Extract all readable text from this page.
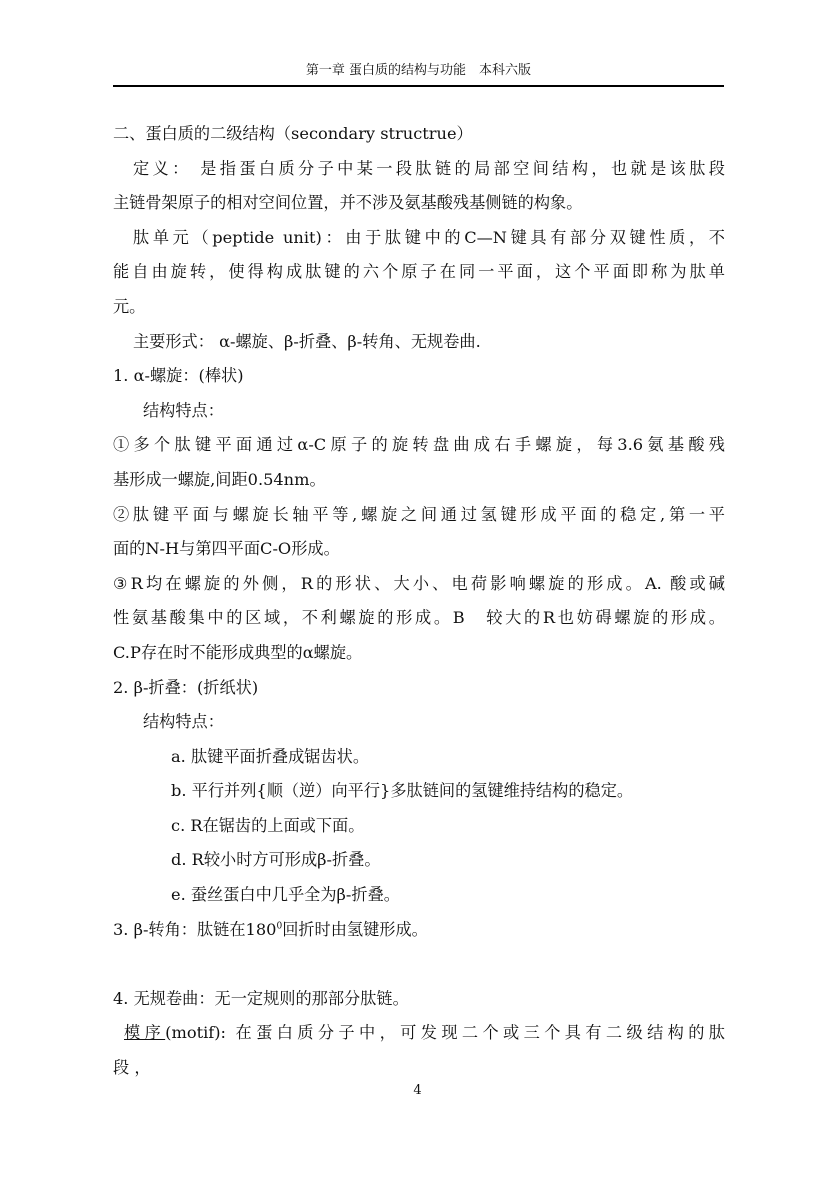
第一章 蛋白质的结构与功能　本科六版
二、蛋白质的二级结构（secondary structrue）
定义： 是指蛋白质分子中某一段肽链的局部空间结构，也就是该肽段
主链骨架原子的相对空间位置，并不涉及氨基酸残基侧链的构象。
肽单元（peptide unit)：由于肽键中的C—N键具有部分双键性质，不
能自由旋转，使得构成肽键的六个原子在同一平面，这个平面即称为肽单
元。
主要形式： α-螺旋、β-折叠、β-转角、无规卷曲.
1. α-螺旋：(棒状)
结构特点：
①多个肽键平面通过α-C原子的旋转盘曲成右手螺旋，每3.6氨基酸残
基形成一螺旋,间距0.54nm。
②肽键平面与螺旋长轴平等,螺旋之间通过氢键形成平面的稳定,第一平
面的N-H与第四平面C-O形成。
③R均在螺旋的外侧，R的形状、大小、电荷影响螺旋的形成。A. 酸或碱
性氨基酸集中的区域，不利螺旋的形成。B　较大的R也妨碍螺旋的形成。
C.P存在时不能形成典型的α螺旋。
2. β-折叠：(折纸状)
结构特点：
a. 肽键平面折叠成锯齿状。
b. 平行并列{顺（逆）向平行}多肽链间的氢键维持结构的稳定。
c. R在锯齿的上面或下面。
d. R较小时方可形成β-折叠。
e. 蚕丝蛋白中几乎全为β-折叠。
3. β-转角：肽链在$180^0$回折时由氢键形成。
4. 无规卷曲：无一定规则的那部分肽链。
模序(motif): 在蛋白质分子中，可发现二个或三个具有二级结构的肽
段 ，
4
